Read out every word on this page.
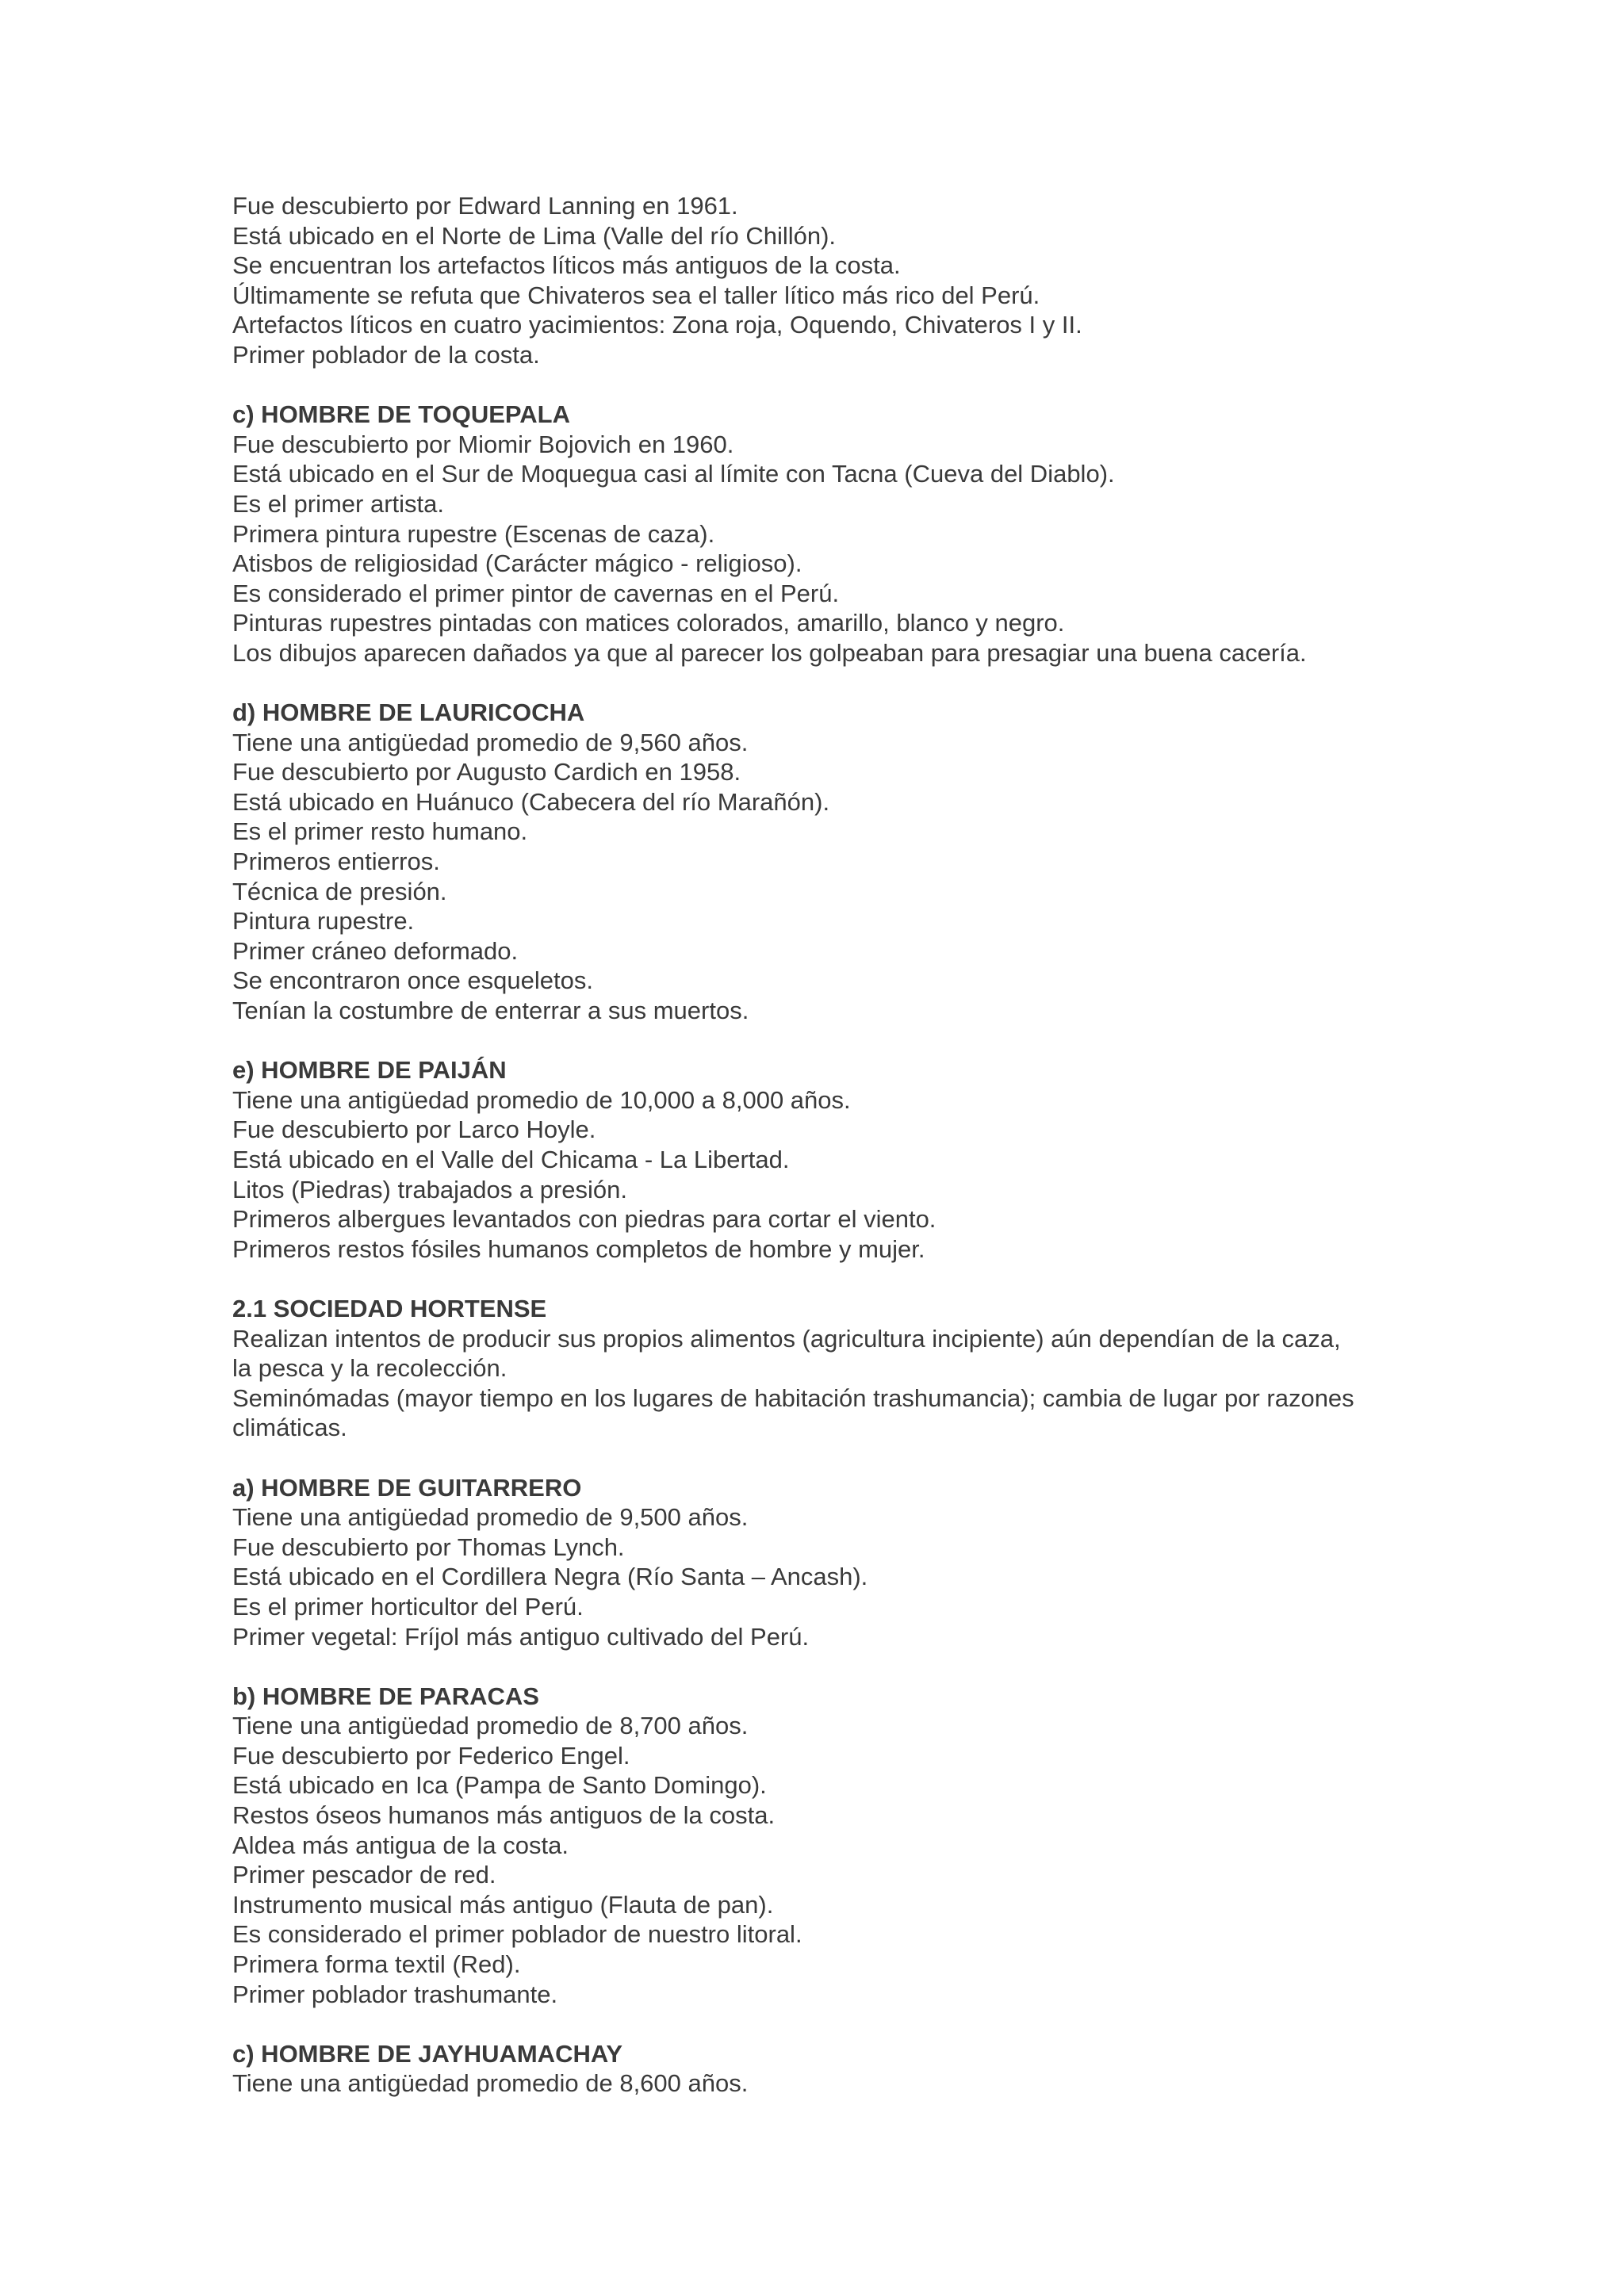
Fue descubierto por Edward Lanning en 1961.
Está ubicado en el Norte de Lima (Valle del río Chillón).
Se encuentran los artefactos líticos más antiguos de la costa.
Últimamente se refuta que Chivateros sea el taller lítico más rico del Perú.
Artefactos líticos en cuatro yacimientos: Zona roja, Oquendo, Chivateros I y II.
Primer poblador de la costa.
c) HOMBRE DE TOQUEPALA
Fue descubierto por Miomir Bojovich en 1960.
Está ubicado en el Sur de Moquegua casi al límite con Tacna (Cueva del Diablo).
Es el primer artista.
Primera pintura rupestre (Escenas de caza).
Atisbos de religiosidad (Carácter mágico - religioso).
Es considerado el primer pintor de cavernas en el Perú.
Pinturas rupestres pintadas con matices colorados, amarillo, blanco y negro.
Los dibujos aparecen dañados ya que al parecer los golpeaban para presagiar una buena cacería.
d) HOMBRE DE LAURICOCHA
Tiene una antigüedad promedio de 9,560 años.
Fue descubierto por Augusto Cardich en 1958.
Está ubicado en Huánuco (Cabecera del río Marañón).
Es el primer resto humano.
Primeros entierros.
Técnica de presión.
Pintura rupestre.
Primer cráneo deformado.
Se encontraron once esqueletos.
Tenían la costumbre de enterrar a sus muertos.
e) HOMBRE DE PAIJÁN
Tiene una antigüedad promedio de 10,000 a 8,000 años.
Fue descubierto por Larco Hoyle.
Está ubicado en el Valle del Chicama - La Libertad.
Litos (Piedras) trabajados a presión.
Primeros albergues levantados con piedras para cortar el viento.
Primeros restos fósiles humanos completos de hombre y mujer.
2.1 SOCIEDAD HORTENSE
Realizan intentos de producir sus propios alimentos (agricultura incipiente) aún dependían de la caza,
la pesca y la recolección.
Seminómadas (mayor tiempo en los lugares de habitación trashumancia); cambia de lugar por razones
climáticas.
a) HOMBRE DE GUITARRERO
Tiene una antigüedad promedio de 9,500 años.
Fue descubierto por Thomas Lynch.
Está ubicado en el Cordillera Negra (Río Santa – Ancash).
Es el primer horticultor del Perú.
Primer vegetal: Fríjol más antiguo cultivado del Perú.
b) HOMBRE DE PARACAS
Tiene una antigüedad promedio de 8,700 años.
Fue descubierto por Federico Engel.
Está ubicado en Ica (Pampa de Santo Domingo).
Restos óseos humanos más antiguos de la costa.
Aldea más antigua de la costa.
Primer pescador de red.
Instrumento musical más antiguo (Flauta de pan).
Es considerado el primer poblador de nuestro litoral.
Primera forma textil (Red).
Primer poblador trashumante.
c) HOMBRE DE JAYHUAMACHAY
Tiene una antigüedad promedio de 8,600 años.
